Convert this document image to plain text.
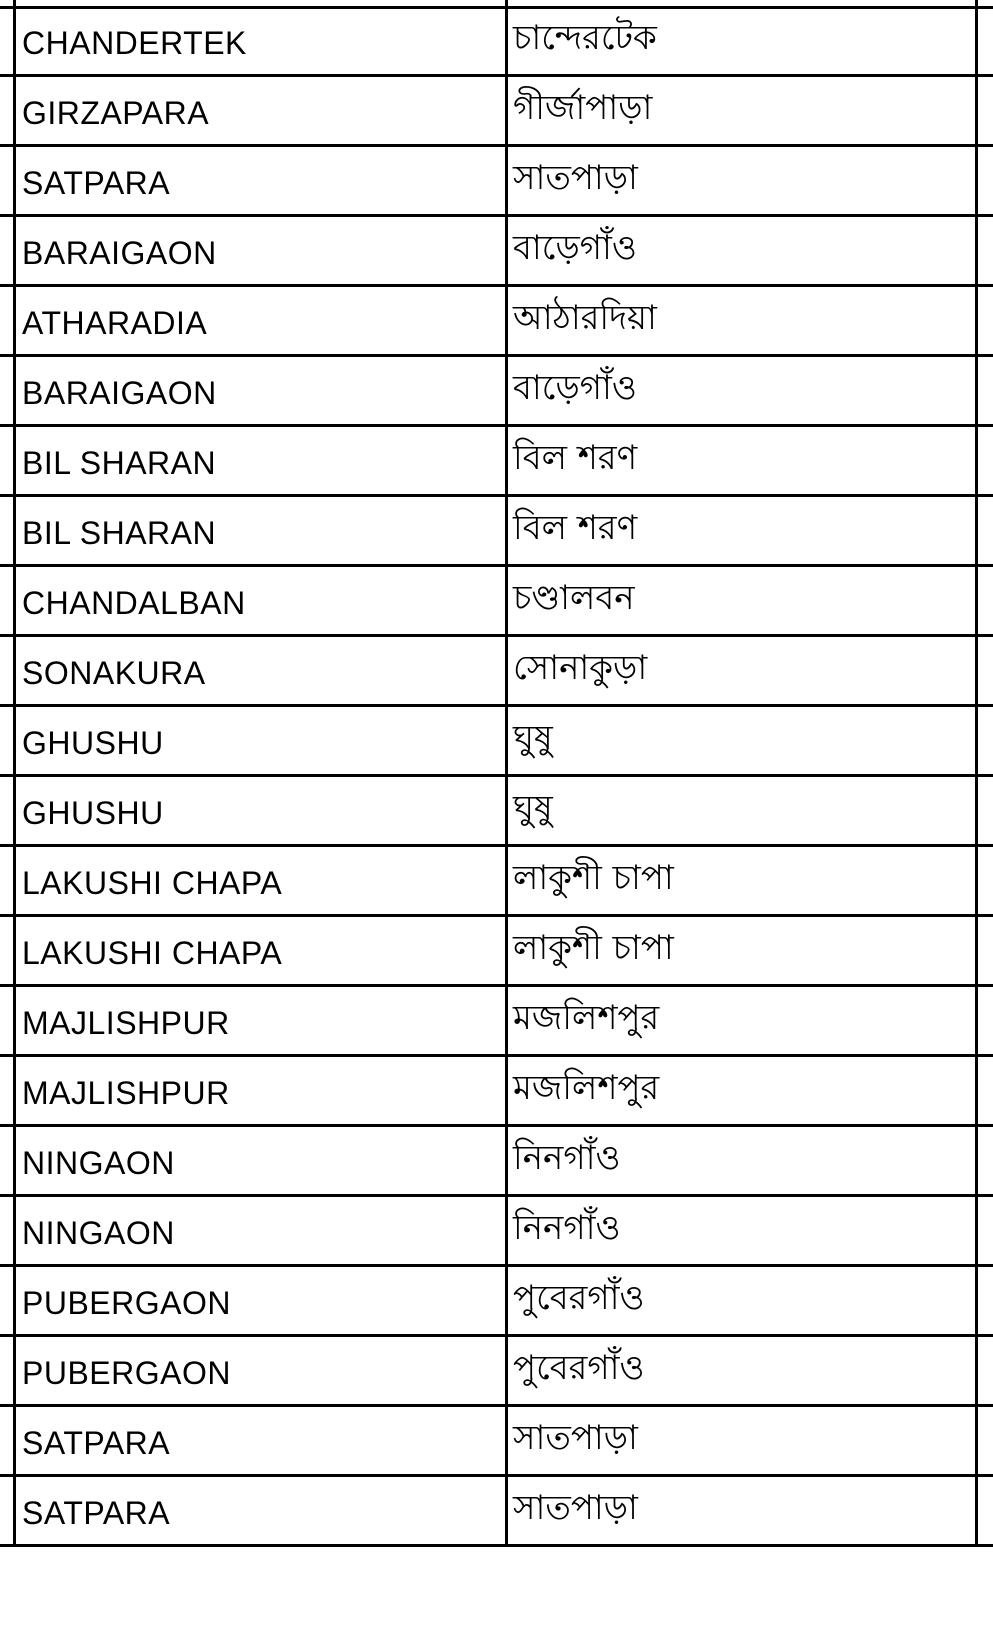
CHANDERTEK	চান্দেরটেক
GIRZAPARA	গীর্জাপাড়া
SATPARA	সাতপাড়া
BARAIGAON	বাড়েগাঁও
ATHARADIA	আঠারদিয়া
BARAIGAON	বাড়েগাঁও
BIL SHARAN	বিল শরণ
BIL SHARAN	বিল শরণ
CHANDALBAN	চণ্ডালবন
SONAKURA	সোনাকুড়া
GHUSHU	ঘুষু
GHUSHU	ঘুষু
LAKUSHI CHAPA	লাকুশী চাপা
LAKUSHI CHAPA	লাকুশী চাপা
MAJLISHPUR	মজলিশপুর
MAJLISHPUR	মজলিশপুর
NINGAON	নিনগাঁও
NINGAON	নিনগাঁও
PUBERGAON	পুবেরগাঁও
PUBERGAON	পুবেরগাঁও
SATPARA	সাতপাড়া
SATPARA	সাতপাড়া
